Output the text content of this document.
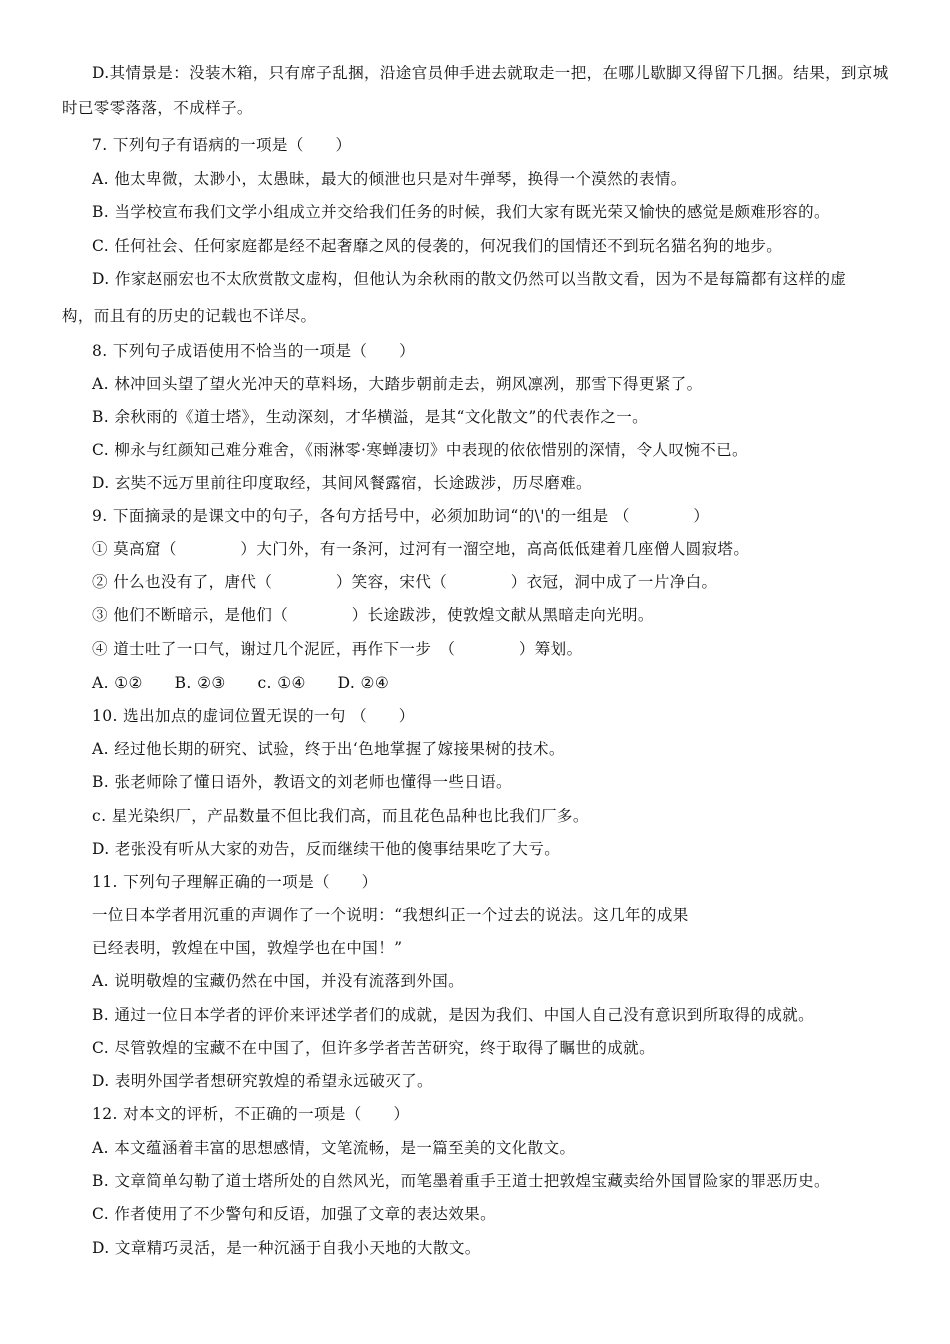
D.其情景是：没装木箱，只有席子乱捆，沿途官员伸手进去就取走一把，在哪儿歇脚又得留下几捆。结果，到京城
时已零零落落，不成样子。
7. 下列句子有语病的一项是（　　）
A. 他太卑微，太渺小，太愚昧，最大的倾泄也只是对牛弹琴，换得一个漠然的表情。
B. 当学校宣布我们文学小组成立并交给我们任务的时候，我们大家有既光荣又愉快的感觉是颇难形容的。
C. 任何社会、任何家庭都是经不起奢靡之风的侵袭的，何况我们的国情还不到玩名猫名狗的地步。
D. 作家赵丽宏也不太欣赏散文虚构，但他认为余秋雨的散文仍然可以当散文看，因为不是每篇都有这样的虚
构，而且有的历史的记载也不详尽。
8. 下列句子成语使用不恰当的一项是（　　）
A. 林冲回头望了望火光冲天的草料场，大踏步朝前走去，朔风凛冽，那雪下得更紧了。
B. 余秋雨的《道士塔》，生动深刻，才华横溢，是其“文化散文”的代表作之一。
C. 柳永与红颜知己难分难舍，《雨淋零·寒蝉凄切》中表现的依依惜别的深情，令人叹惋不已。
D. 玄奘不远万里前往印度取经，其间风餐露宿，长途跋涉，历尽磨难。
9. 下面摘录的是课文中的句子，各句方括号中，必须加助词“的\'的一组是 （　　　　）
① 莫高窟（　　　　）大门外，有一条河，过河有一溜空地，高高低低建着几座僧人圆寂塔。
② 什么也没有了，唐代（　　　　）笑容，宋代（　　　　）衣冠，洞中成了一片净白。
③ 他们不断暗示，是他们（　　　　）长途跋涉，使敦煌文献从黑暗走向光明。
④ 道士吐了一口气，谢过几个泥匠，再作下一步　（　　　　）筹划。
A. ①②　　B. ②③　　c. ①④　　D. ②④
10. 选出加点的虚词位置无误的一句 （　　）
A. 经过他长期的研究、试验，终于出‘色地掌握了嫁接果树的技术。
B. 张老师除了懂日语外，教语文的刘老师也懂得一些日语。
c. 星光染织厂，产品数量不但比我们高，而且花色品种也比我们厂多。
D. 老张没有听从大家的劝告，反而继续干他的傻事结果吃了大亏。
11. 下列句子理解正确的一项是（　　）
一位日本学者用沉重的声调作了一个说明：“我想纠正一个过去的说法。这几年的成果
已经表明，敦煌在中国，敦煌学也在中国！”
A. 说明敬煌的宝藏仍然在中国，并没有流落到外国。
B. 通过一位日本学者的评价来评述学者们的成就，是因为我们、中国人自己没有意识到所取得的成就。
C. 尽管敦煌的宝藏不在中国了，但许多学者苦苦研究，终于取得了瞩世的成就。
D. 表明外国学者想研究敦煌的希望永远破灭了。
12. 对本文的评析，不正确的一项是（　　）
A. 本文蕴涵着丰富的思想感情，文笔流畅，是一篇至美的文化散文。
B. 文章简单勾勒了道士塔所处的自然风光，而笔墨着重手王道士把敦煌宝藏卖给外国冒险家的罪恶历史。
C. 作者使用了不少警句和反语，加强了文章的表达效果。
D. 文章精巧灵活，是一种沉涵于自我小天地的大散文。
